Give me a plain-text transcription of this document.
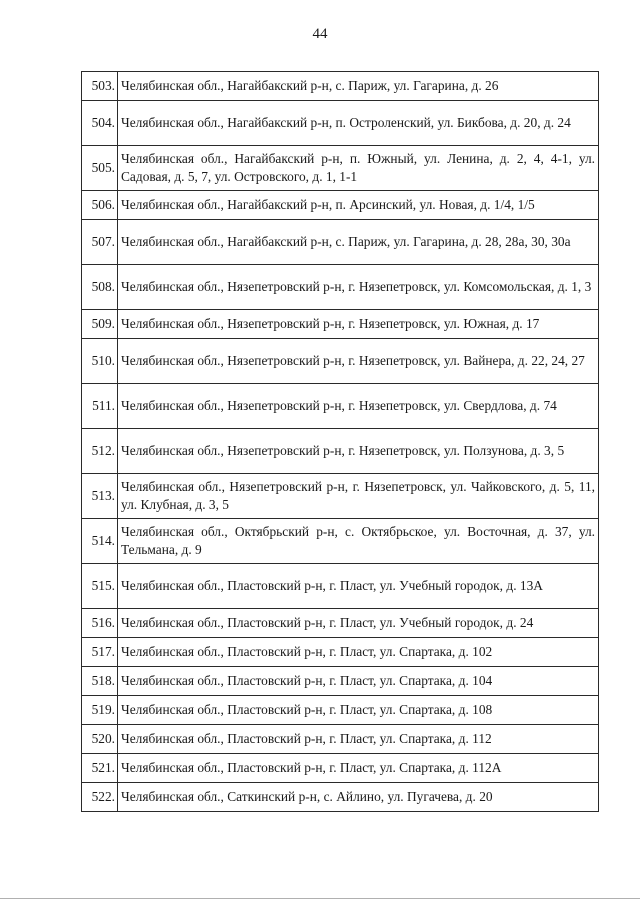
44
503.	Челябинская обл., Нагайбакский р-н, с. Париж, ул. Гагарина, д. 26
504.	Челябинская обл., Нагайбакский р-н, п. Остроленский, ул. Бикбова, д. 20, д. 24
505.	Челябинская обл., Нагайбакский р-н, п. Южный, ул. Ленина, д. 2, 4, 4-1, ул. Садовая, д. 5, 7, ул. Островского, д. 1, 1-1
506.	Челябинская обл., Нагайбакский р-н, п. Арсинский, ул. Новая, д. 1/4, 1/5
507.	Челябинская обл., Нагайбакский р-н, с. Париж, ул. Гагарина, д. 28, 28а, 30, 30а
508.	Челябинская обл., Нязепетровский р-н, г. Нязепетровск, ул. Комсомольская, д. 1, 3
509.	Челябинская обл., Нязепетровский р-н, г. Нязепетровск, ул. Южная, д. 17
510.	Челябинская обл., Нязепетровский р-н, г. Нязепетровск, ул. Вайнера, д. 22, 24, 27
511.	Челябинская обл., Нязепетровский р-н, г. Нязепетровск, ул. Свердлова, д. 74
512.	Челябинская обл., Нязепетровский р-н, г. Нязепетровск, ул. Ползунова, д. 3, 5
513.	Челябинская обл., Нязепетровский р-н, г. Нязепетровск, ул. Чайковского, д. 5, 11, ул. Клубная, д. 3, 5
514.	Челябинская обл., Октябрьский р-н, с. Октябрьское, ул. Восточная, д. 37, ул. Тельмана, д. 9
515.	Челябинская обл., Пластовский р-н, г. Пласт, ул. Учебный городок, д. 13А
516.	Челябинская обл., Пластовский р-н, г. Пласт, ул. Учебный городок, д. 24
517.	Челябинская обл., Пластовский р-н, г. Пласт, ул. Спартака, д. 102
518.	Челябинская обл., Пластовский р-н, г. Пласт, ул. Спартака, д. 104
519.	Челябинская обл., Пластовский р-н, г. Пласт, ул. Спартака, д. 108
520.	Челябинская обл., Пластовский р-н, г. Пласт, ул. Спартака, д. 112
521.	Челябинская обл., Пластовский р-н, г. Пласт, ул. Спартака, д. 112А
522.	Челябинская обл., Саткинский р-н, с. Айлино, ул. Пугачева, д. 20
